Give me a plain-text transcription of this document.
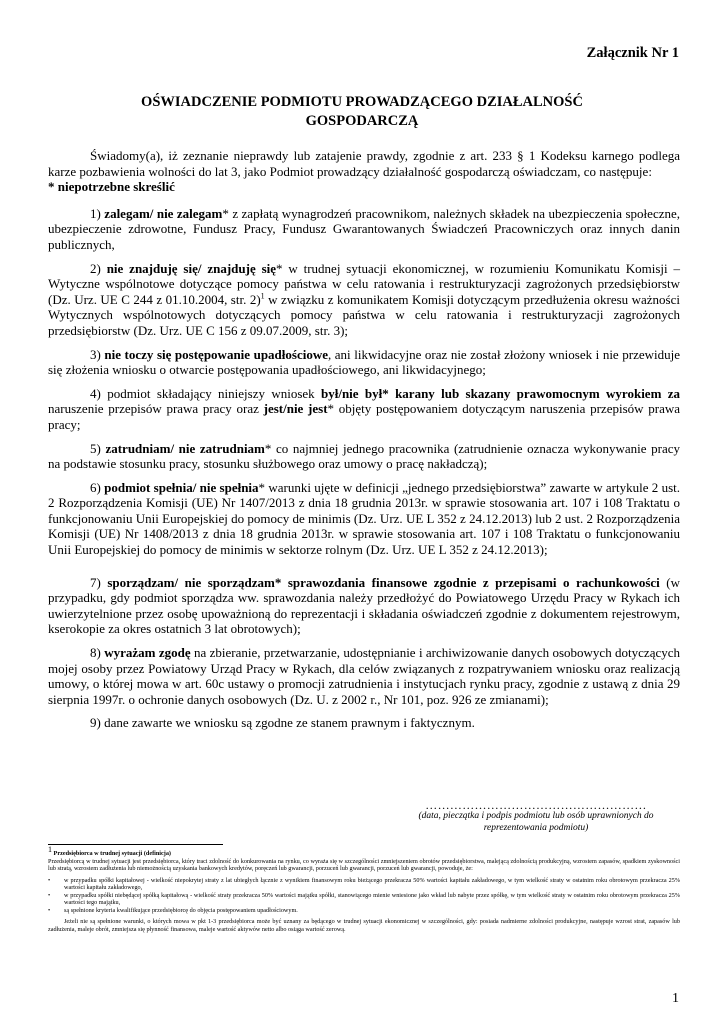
Załącznik Nr 1
OŚWIADCZENIE PODMIOTU PROWADZĄCEGO DZIAŁALNOŚĆ
GOSPODARCZĄ

Świadomy(a), iż zeznanie nieprawdy lub zatajenie prawdy, zgodnie z art. 233 § 1 Kodeksu karnego podlega karze pozbawienia wolności do lat 3, jako Podmiot prowadzący działalność gospodarczą oświadczam, co następuje:
* niepotrzebne skreślić

1) zalegam/ nie zalegam* z zapłatą wynagrodzeń pracownikom, należnych składek na ubezpieczenia społeczne, ubezpieczenie zdrowotne, Fundusz Pracy, Fundusz Gwarantowanych Świadczeń Pracowniczych oraz innych danin publicznych,

2) nie znajduję się/ znajduję się* w trudnej sytuacji ekonomicznej, w rozumieniu Komunikatu Komisji – Wytyczne wspólnotowe dotyczące pomocy państwa w celu ratowania i restrukturyzacji zagrożonych przedsiębiorstw (Dz. Urz. UE C 244 z 01.10.2004, str. 2)$^1$ w związku z komunikatem Komisji dotyczącym przedłużenia okresu ważności Wytycznych wspólnotowych dotyczących pomocy państwa w celu ratowania i restrukturyzacji zagrożonych przedsiębiorstw (Dz. Urz. UE C 156 z 09.07.2009, str. 3);

3) nie toczy się postępowanie upadłościowe, ani likwidacyjne oraz nie został złożony wniosek i nie przewiduje się złożenia wniosku o otwarcie postępowania upadłościowego, ani likwidacyjnego;

4) podmiot składający niniejszy wniosek był/nie był* karany lub skazany prawomocnym wyrokiem za naruszenie przepisów prawa pracy oraz jest/nie jest* objęty postępowaniem dotyczącym naruszenia przepisów prawa pracy;

5) zatrudniam/ nie zatrudniam* co najmniej jednego pracownika (zatrudnienie oznacza wykonywanie pracy na podstawie stosunku pracy, stosunku służbowego oraz umowy o pracę nakładczą);

6) podmiot spełnia/ nie spełnia* warunki ujęte w definicji „jednego przedsiębiorstwa” zawarte w artykule 2 ust. 2 Rozporządzenia Komisji (UE) Nr 1407/2013 z dnia 18 grudnia 2013r. w sprawie stosowania art. 107 i 108 Traktatu o funkcjonowaniu Unii Europejskiej do pomocy de minimis (Dz. Urz. UE L 352 z 24.12.2013) lub 2 ust. 2 Rozporządzenia Komisji (UE) Nr 1408/2013 z dnia 18 grudnia 2013r. w sprawie stosowania art. 107 i 108 Traktatu o funkcjonowaniu Unii Europejskiej do pomocy de minimis w sektorze rolnym (Dz. Urz. UE L 352 z 24.12.2013);

7) sporządzam/ nie sporządzam* sprawozdania finansowe zgodnie z przepisami o rachunkowości (w przypadku, gdy podmiot sporządza ww. sprawozdania należy przedłożyć do Powiatowego Urzędu Pracy w Rykach ich uwierzytelnione przez osobę upoważnioną do reprezentacji i składania oświadczeń zgodnie z dokumentem rejestrowym, kserokopie za okres ostatnich 3 lat obrotowych);

8) wyrażam zgodę na zbieranie, przetwarzanie, udostępnianie i archiwizowanie danych osobowych dotyczących mojej osoby przez Powiatowy Urząd Pracy w Rykach, dla celów związanych z rozpatrywaniem wniosku oraz realizacją umowy, o której mowa w art. 60c ustawy o promocji zatrudnienia i instytucjach rynku pracy, zgodnie z ustawą z dnia 29 sierpnia 1997r. o ochronie danych osobowych (Dz. U. z 2002 r., Nr 101, poz. 926 ze zmianami);

9) dane zawarte we wniosku są zgodne ze stanem prawnym i faktycznym.

………………………………………………
(data, pieczątka i podpis podmiotu lub osób uprawnionych do
reprezentowania podmiotu)

$^1$ Przedsiębiorca w trudnej sytuacji (definicja)

Przedsiębiorcą w trudnej sytuacji jest przedsiębiorca, który traci zdolność do konkurowania na rynku, co wyraża się w szczególności zmniejszeniem obrotów przedsiębiorstwa, malejącą zdolnością produkcyjną, wzrostem zapasów, spadkiem zyskowności lub stratą, wzrostem zadłużenia lub niemożnością uzyskania bankowych kredytów, poręczeń lub gwarancji, porzuceń lub gwarancji, porzuceń lub gwarancji, powoduje, że:

• w przypadku spółki kapitałowej - wielkość niepokrytej straty z lat ubiegłych łącznie z wynikiem finansowym roku bieżącego przekracza 50% wartości kapitału zakładowego, w tym wielkość straty w ostatnim roku obrotowym przekracza 25% wartości kapitału zakładowego,
• w przypadku spółki niebędącej spółką kapitałową - wielkość straty przekracza 50% wartości majątku spółki, stanowiącego mienie wniesione jako wkład lub nabyte przez spółkę, w tym wielkość straty w ostatnim roku obrotowym przekracza 25% wartości tego majątku,
• są spełnione kryteria kwalifikujące przedsiębiorcę do objęcia postępowaniem upadłościowym.

Jeżeli nie są spełnione warunki, o których mowa w pkt 1-3 przedsiębiorca może być uznany za będącego w trudnej sytuacji ekonomicznej w szczególności, gdy: posiada nadmierne zdolności produkcyjne, następuje wzrost strat, zapasów lub zadłużenia, maleje obrót, zmniejsza się płynność finansowa, maleje wartość aktywów netto albo osiąga wartość zerową.

1
